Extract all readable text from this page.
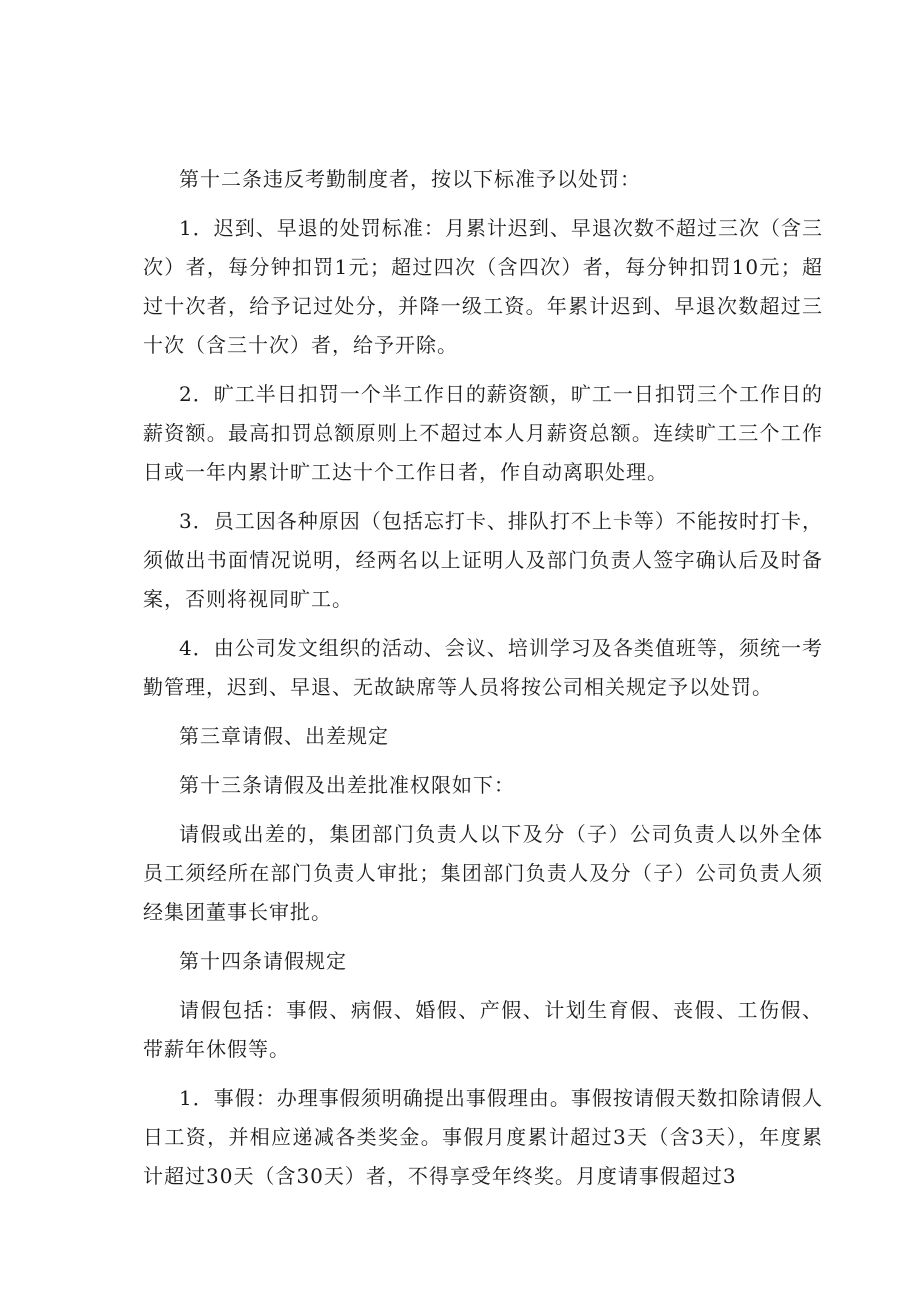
第十二条违反考勤制度者，按以下标准予以处罚：

1．迟到、早退的处罚标准：月累计迟到、早退次数不超过三次（含三次）者，每分钟扣罚1元；超过四次（含四次）者，每分钟扣罚10元；超过十次者，给予记过处分，并降一级工资。年累计迟到、早退次数超过三十次（含三十次）者，给予开除。

2．旷工半日扣罚一个半工作日的薪资额，旷工一日扣罚三个工作日的薪资额。最高扣罚总额原则上不超过本人月薪资总额。连续旷工三个工作日或一年内累计旷工达十个工作日者，作自动离职处理。

3．员工因各种原因（包括忘打卡、排队打不上卡等）不能按时打卡，须做出书面情况说明，经两名以上证明人及部门负责人签字确认后及时备案，否则将视同旷工。

4．由公司发文组织的活动、会议、培训学习及各类值班等，须统一考勤管理，迟到、早退、无故缺席等人员将按公司相关规定予以处罚。

第三章请假、出差规定

第十三条请假及出差批准权限如下：

请假或出差的，集团部门负责人以下及分（子）公司负责人以外全体员工须经所在部门负责人审批；集团部门负责人及分（子）公司负责人须经集团董事长审批。

第十四条请假规定

请假包括：事假、病假、婚假、产假、计划生育假、丧假、工伤假、带薪年休假等。

1．事假：办理事假须明确提出事假理由。事假按请假天数扣除请假人日工资，并相应递减各类奖金。事假月度累计超过3天（含3天），年度累计超过30天（含30天）者，不得享受年终奖。月度请事假超过3
